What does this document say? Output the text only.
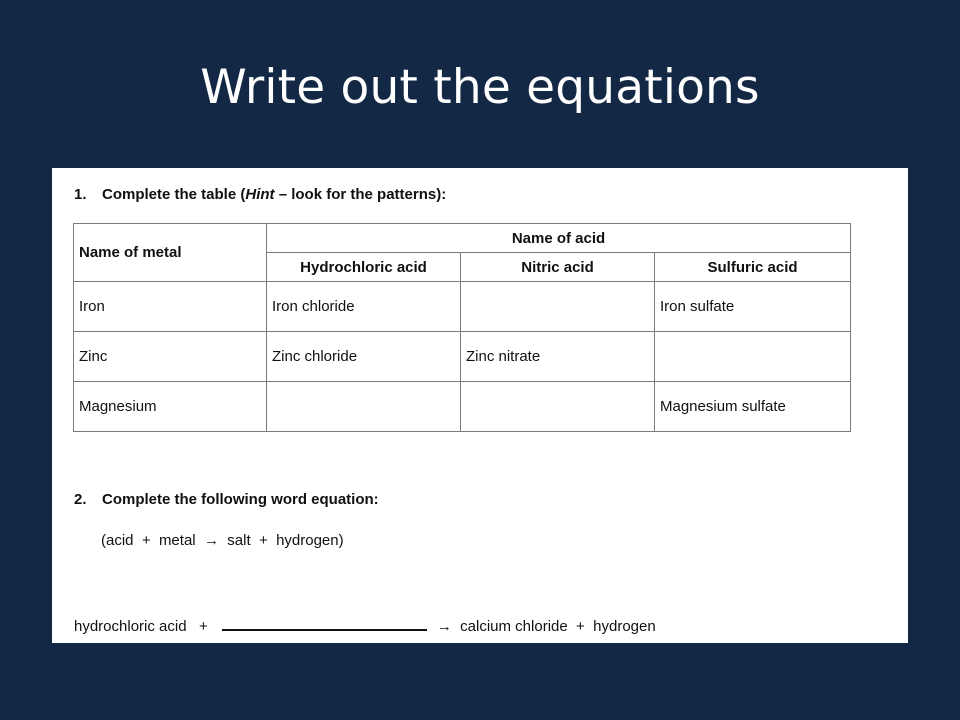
Write out the equations
1. Complete the table (Hint – look for the patterns):
Name of metal	Name of acid		
	Hydrochloric acid	Nitric acid	Sulfuric acid
Iron	Iron chloride		Iron sulfate
Zinc	Zinc chloride	Zinc nitrate	
Magnesium			Magnesium sulfate
2. Complete the following word equation:
(acid  +  metal  →  salt  +  hydrogen)
hydrochloric acid   +	→  calcium chloride  +  hydrogen
